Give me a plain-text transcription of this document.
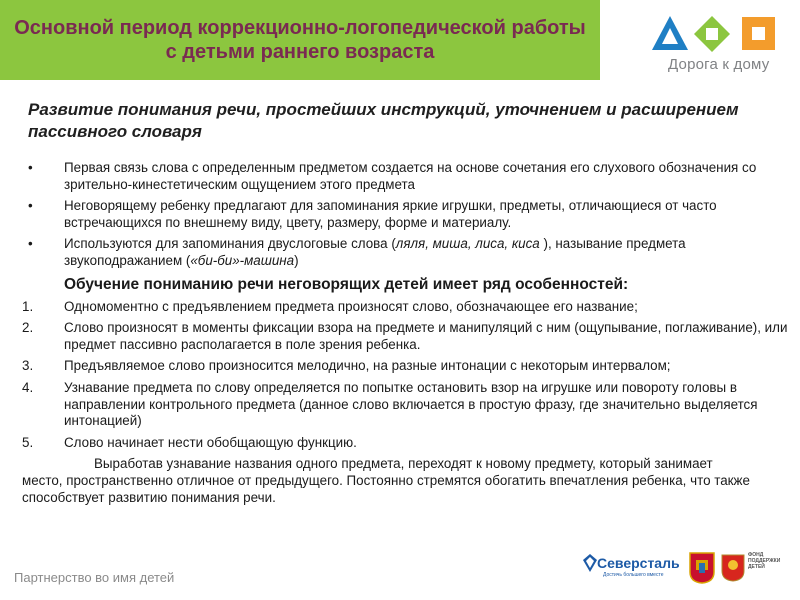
Основной период коррекционно-логопедической работы с детьми раннего возраста
Дорога к дому
Развитие понимания речи, простейших инструкций, уточнением и расширением пассивного словаря
• Первая связь слова с определенным предметом создается на основе сочетания его слухового обозначения со зрительно-кинестетическим ощущением этого предмета
• Неговорящему ребенку предлагают для запоминания яркие игрушки, предметы, отличающиеся от часто встречающихся по внешнему виду, цвету, размеру, форме и материалу.
• Используются для запоминания двуслоговые слова (ляля, миша, лиса, киса ), называние предмета звукоподражанием («би-би»-машина)
Обучение пониманию речи неговорящих детей имеет ряд особенностей:
1. Одномоментно с предъявлением предмета произносят слово, обозначающее его название;
2. Слово произносят в моменты фиксации взора на предмете и манипуляций с ним (ощупывание, поглаживание), или предмет пассивно располагается в поле зрения ребенка.
3. Предъявляемое слово произносится мелодично, на разные интонации с некоторым интервалом;
4. Узнавание предмета по слову определяется по попытке остановить взор на игрушке или повороту головы в направлении контрольного предмета (данное слово включается в простую фразу, где значительно выделяется интонацией)
5. Слово начинает нести обобщающую функцию.
Выработав узнавание названия одного предмета, переходят к новому предмету, который занимает место, пространственно отличное от предыдущего. Постоянно стремятся обогатить впечатления ребенка, что также способствует развитию понимания речи.
Партнерство во имя детей
Северсталь
Достичь большего вместе
ФОНД ПОДДЕРЖКИ ДЕТЕЙ
